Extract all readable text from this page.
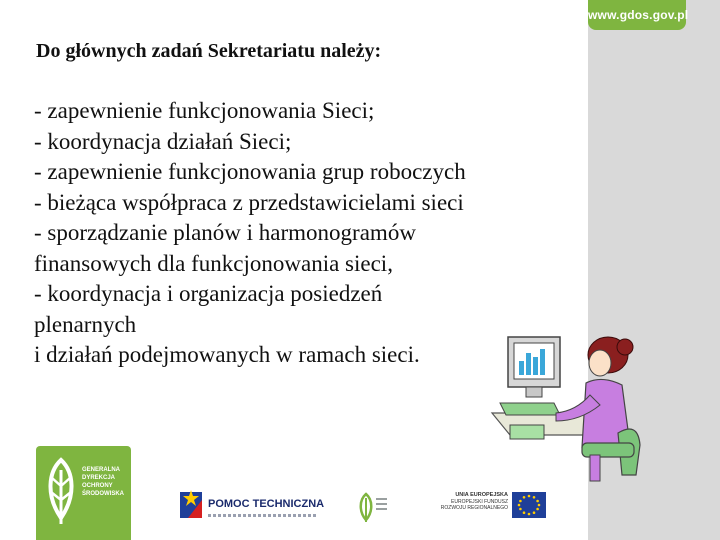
www.gdos.gov.pl
Do głównych zadań Sekretariatu należy:
- zapewnienie funkcjonowania Sieci;
- koordynacja działań Sieci;
- zapewnienie funkcjonowania grup roboczych
- bieżąca współpraca z przedstawicielami sieci
- sporządzanie planów i harmonogramów
finansowych dla funkcjonowania sieci,
- koordynacja i organizacja posiedzeń
plenarnych
i działań podejmowanych w ramach sieci.
GENERALNA
DYREKCJA
OCHRONY
ŚRODOWISKA
POMOC TECHNICZNA
UNIA EUROPEJSKA
EUROPEJSKI FUNDUSZ
ROZWOJU REGIONALNEGO
